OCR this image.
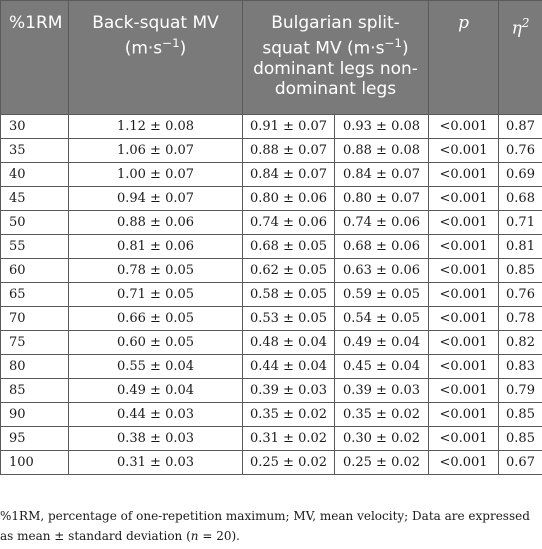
%1RM	Back-squat MV $(m\cdot s^{-1})$	Bulgarian split-squat MV $(m\cdot s^{-1})$ dominant legs non-dominant legs		p	$\eta^2$
30	1.12 ± 0.08	0.91 ± 0.07	0.93 ± 0.08	<0.001	0.87
35	1.06 ± 0.07	0.88 ± 0.07	0.88 ± 0.08	<0.001	0.76
40	1.00 ± 0.07	0.84 ± 0.07	0.84 ± 0.07	<0.001	0.69
45	0.94 ± 0.07	0.80 ± 0.06	0.80 ± 0.07	<0.001	0.68
50	0.88 ± 0.06	0.74 ± 0.06	0.74 ± 0.06	<0.001	0.71
55	0.81 ± 0.06	0.68 ± 0.05	0.68 ± 0.06	<0.001	0.81
60	0.78 ± 0.05	0.62 ± 0.05	0.63 ± 0.06	<0.001	0.85
65	0.71 ± 0.05	0.58 ± 0.05	0.59 ± 0.05	<0.001	0.76
70	0.66 ± 0.05	0.53 ± 0.05	0.54 ± 0.05	<0.001	0.78
75	0.60 ± 0.05	0.48 ± 0.04	0.49 ± 0.04	<0.001	0.82
80	0.55 ± 0.04	0.44 ± 0.04	0.45 ± 0.04	<0.001	0.83
85	0.49 ± 0.04	0.39 ± 0.03	0.39 ± 0.03	<0.001	0.79
90	0.44 ± 0.03	0.35 ± 0.02	0.35 ± 0.02	<0.001	0.85
95	0.38 ± 0.03	0.31 ± 0.02	0.30 ± 0.02	<0.001	0.85
100	0.31 ± 0.03	0.25 ± 0.02	0.25 ± 0.02	<0.001	0.67
%1RM, percentage of one-repetition maximum; MV, mean velocity; Data are expressed as mean ± standard deviation (n = 20).
